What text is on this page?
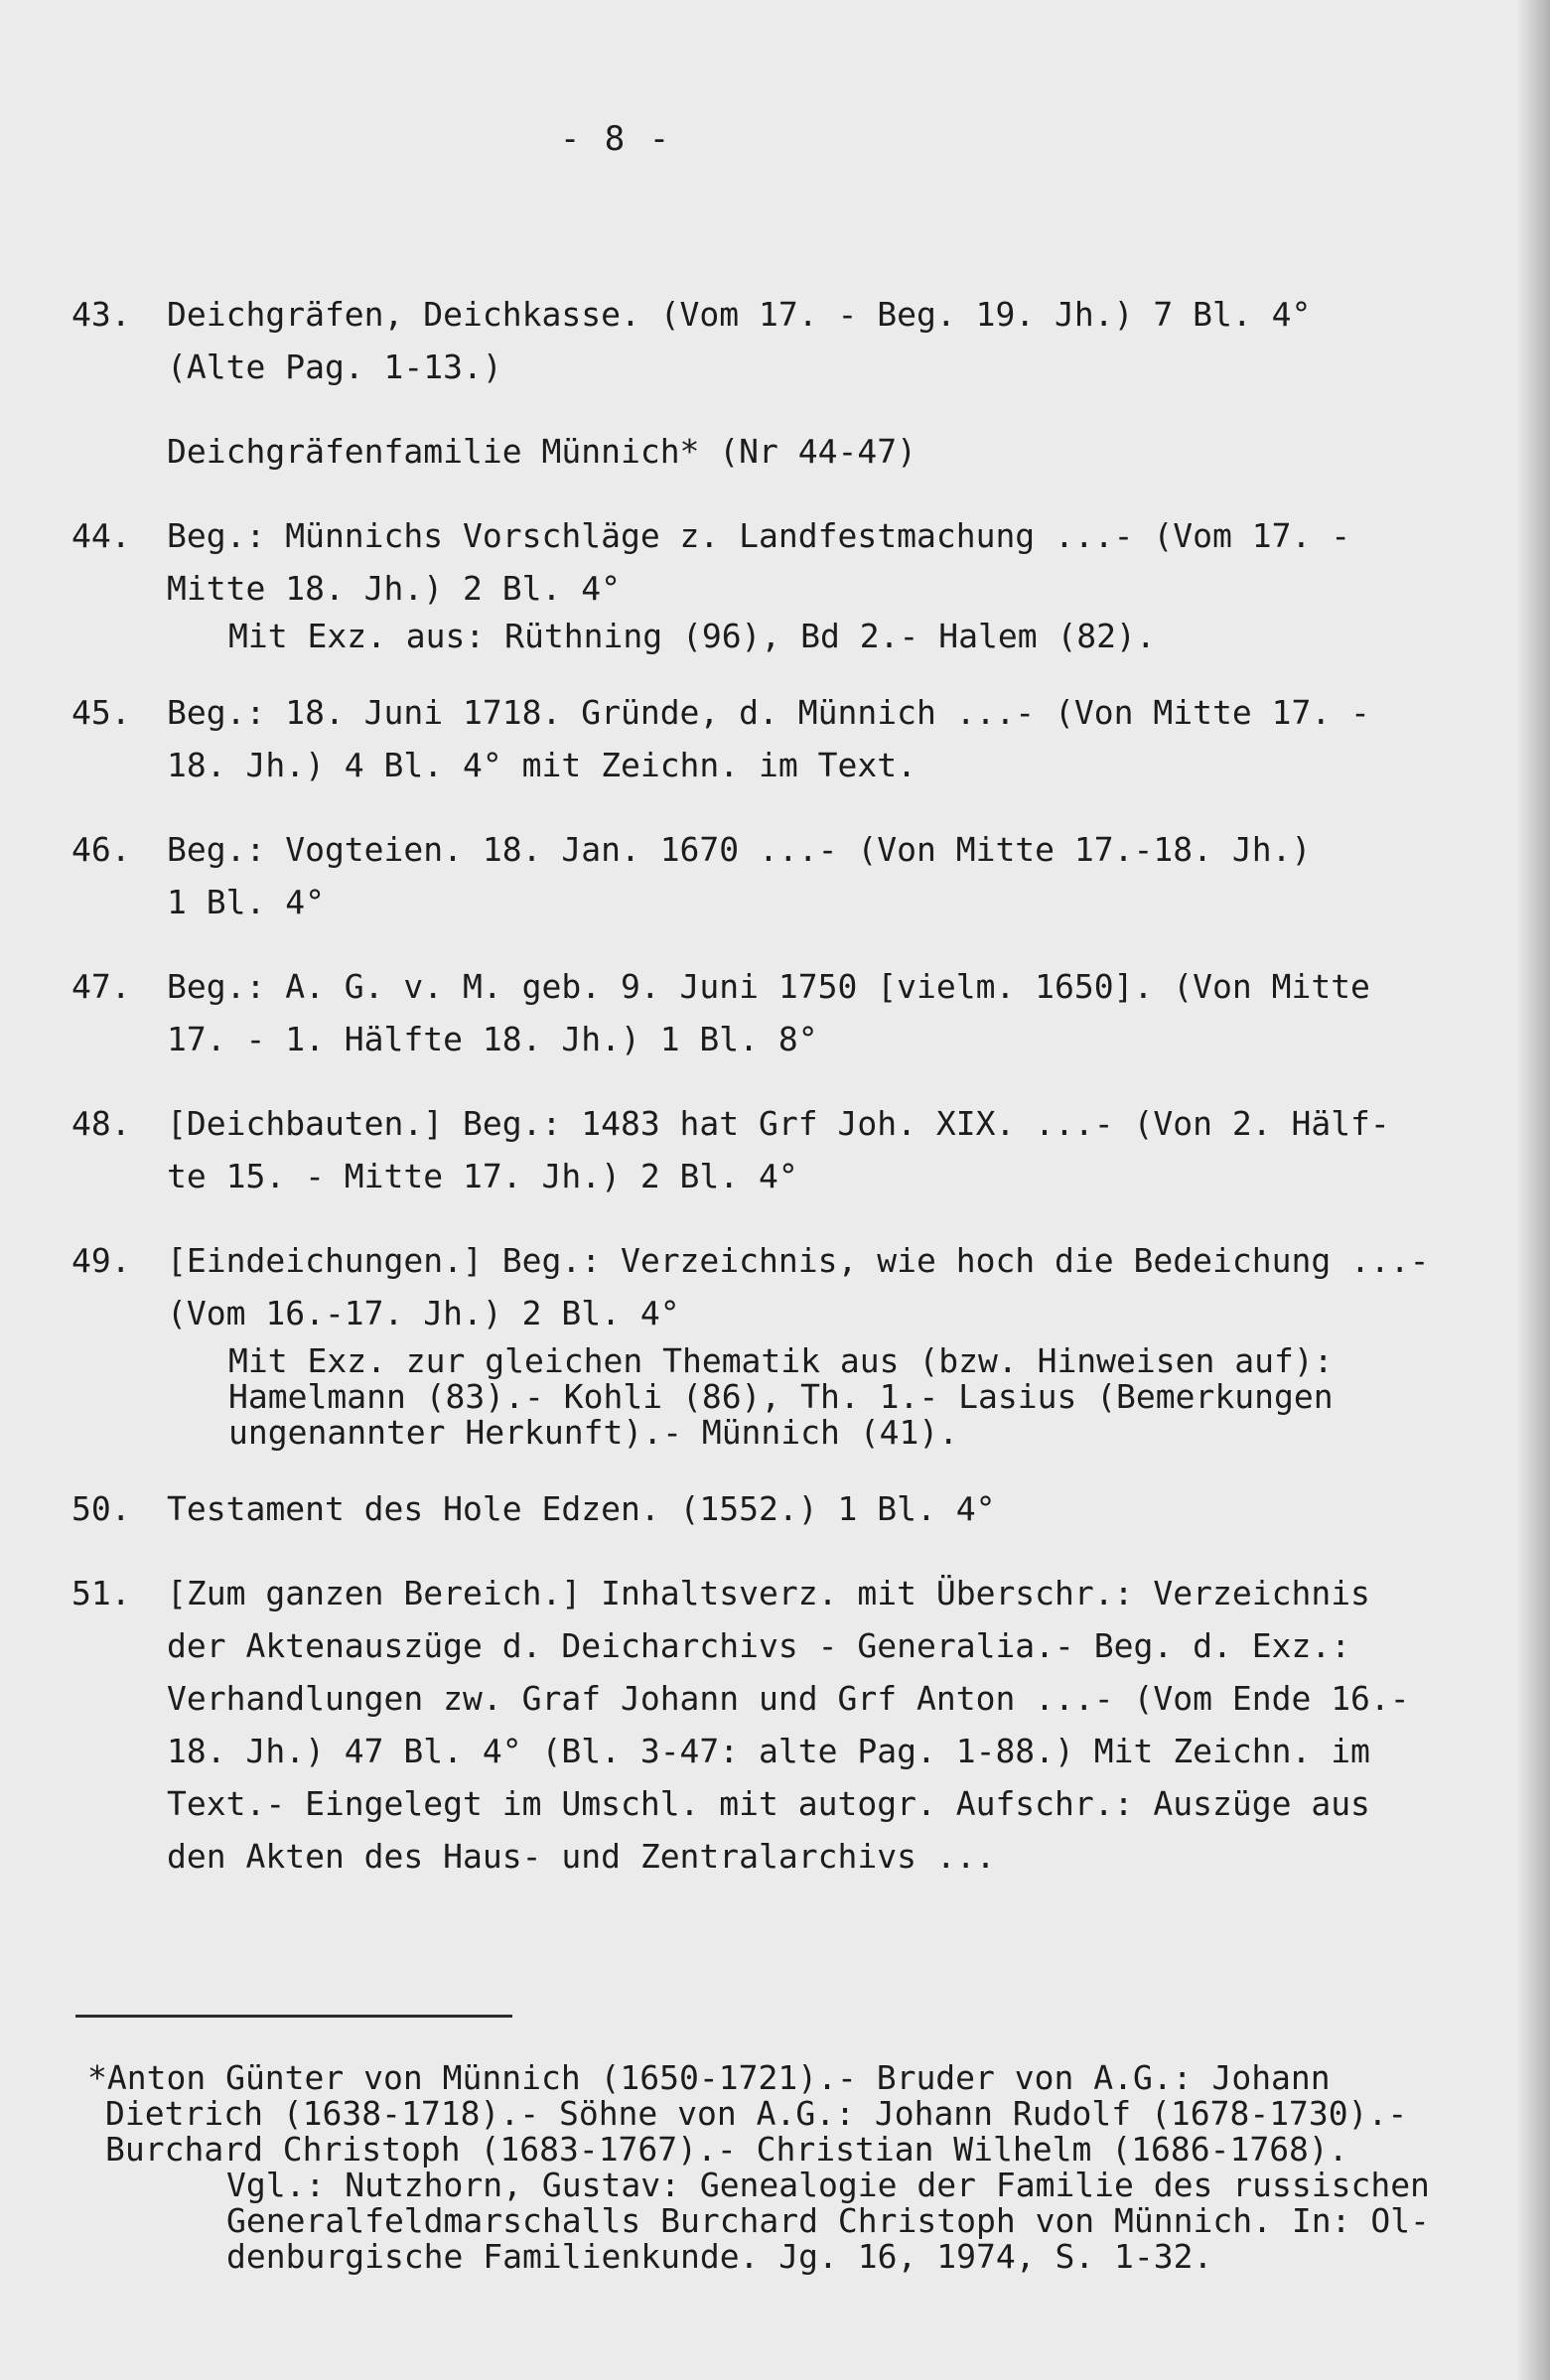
- 8 -
43. Deichgräfen, Deichkasse. (Vom 17. - Beg. 19. Jh.) 7 Bl. 4°
(Alte Pag. 1-13.)
Deichgräfenfamilie Münnich* (Nr 44-47)
44. Beg.: Münnichs Vorschläge z. Landfestmachung ...- (Vom 17. -
Mitte 18. Jh.) 2 Bl. 4°
Mit Exz. aus: Rüthning (96), Bd 2.- Halem (82).
45. Beg.: 18. Juni 1718. Gründe, d. Münnich ...- (Von Mitte 17. -
18. Jh.) 4 Bl. 4° mit Zeichn. im Text.
46. Beg.: Vogteien. 18. Jan. 1670 ...- (Von Mitte 17.-18. Jh.)
1 Bl. 4°
47. Beg.: A. G. v. M. geb. 9. Juni 1750 [vielm. 1650]. (Von Mitte
17. - 1. Hälfte 18. Jh.) 1 Bl. 8°
48. [Deichbauten.] Beg.: 1483 hat Grf Joh. XIX. ...- (Von 2. Hälf-
te 15. - Mitte 17. Jh.) 2 Bl. 4°
49. [Eindeichungen.] Beg.: Verzeichnis, wie hoch die Bedeichung ...-
(Vom 16.-17. Jh.) 2 Bl. 4°
Mit Exz. zur gleichen Thematik aus (bzw. Hinweisen auf):
Hamelmann (83).- Kohli (86), Th. 1.- Lasius (Bemerkungen
ungenannter Herkunft).- Münnich (41).
50. Testament des Hole Edzen. (1552.) 1 Bl. 4°
51. [Zum ganzen Bereich.] Inhaltsverz. mit Überschr.: Verzeichnis
der Aktenauszüge d. Deicharchivs - Generalia.- Beg. d. Exz.:
Verhandlungen zw. Graf Johann und Grf Anton ...- (Vom Ende 16.-
18. Jh.) 47 Bl. 4° (Bl. 3-47: alte Pag. 1-88.) Mit Zeichn. im
Text.- Eingelegt im Umschl. mit autogr. Aufschr.: Auszüge aus
den Akten des Haus- und Zentralarchivs ...
*Anton Günter von Münnich (1650-1721).- Bruder von A.G.: Johann
Dietrich (1638-1718).- Söhne von A.G.: Johann Rudolf (1678-1730).-
Burchard Christoph (1683-1767).- Christian Wilhelm (1686-1768).
Vgl.: Nutzhorn, Gustav: Genealogie der Familie des russischen
Generalfeldmarschalls Burchard Christoph von Münnich. In: Ol-
denburgische Familienkunde. Jg. 16, 1974, S. 1-32.
